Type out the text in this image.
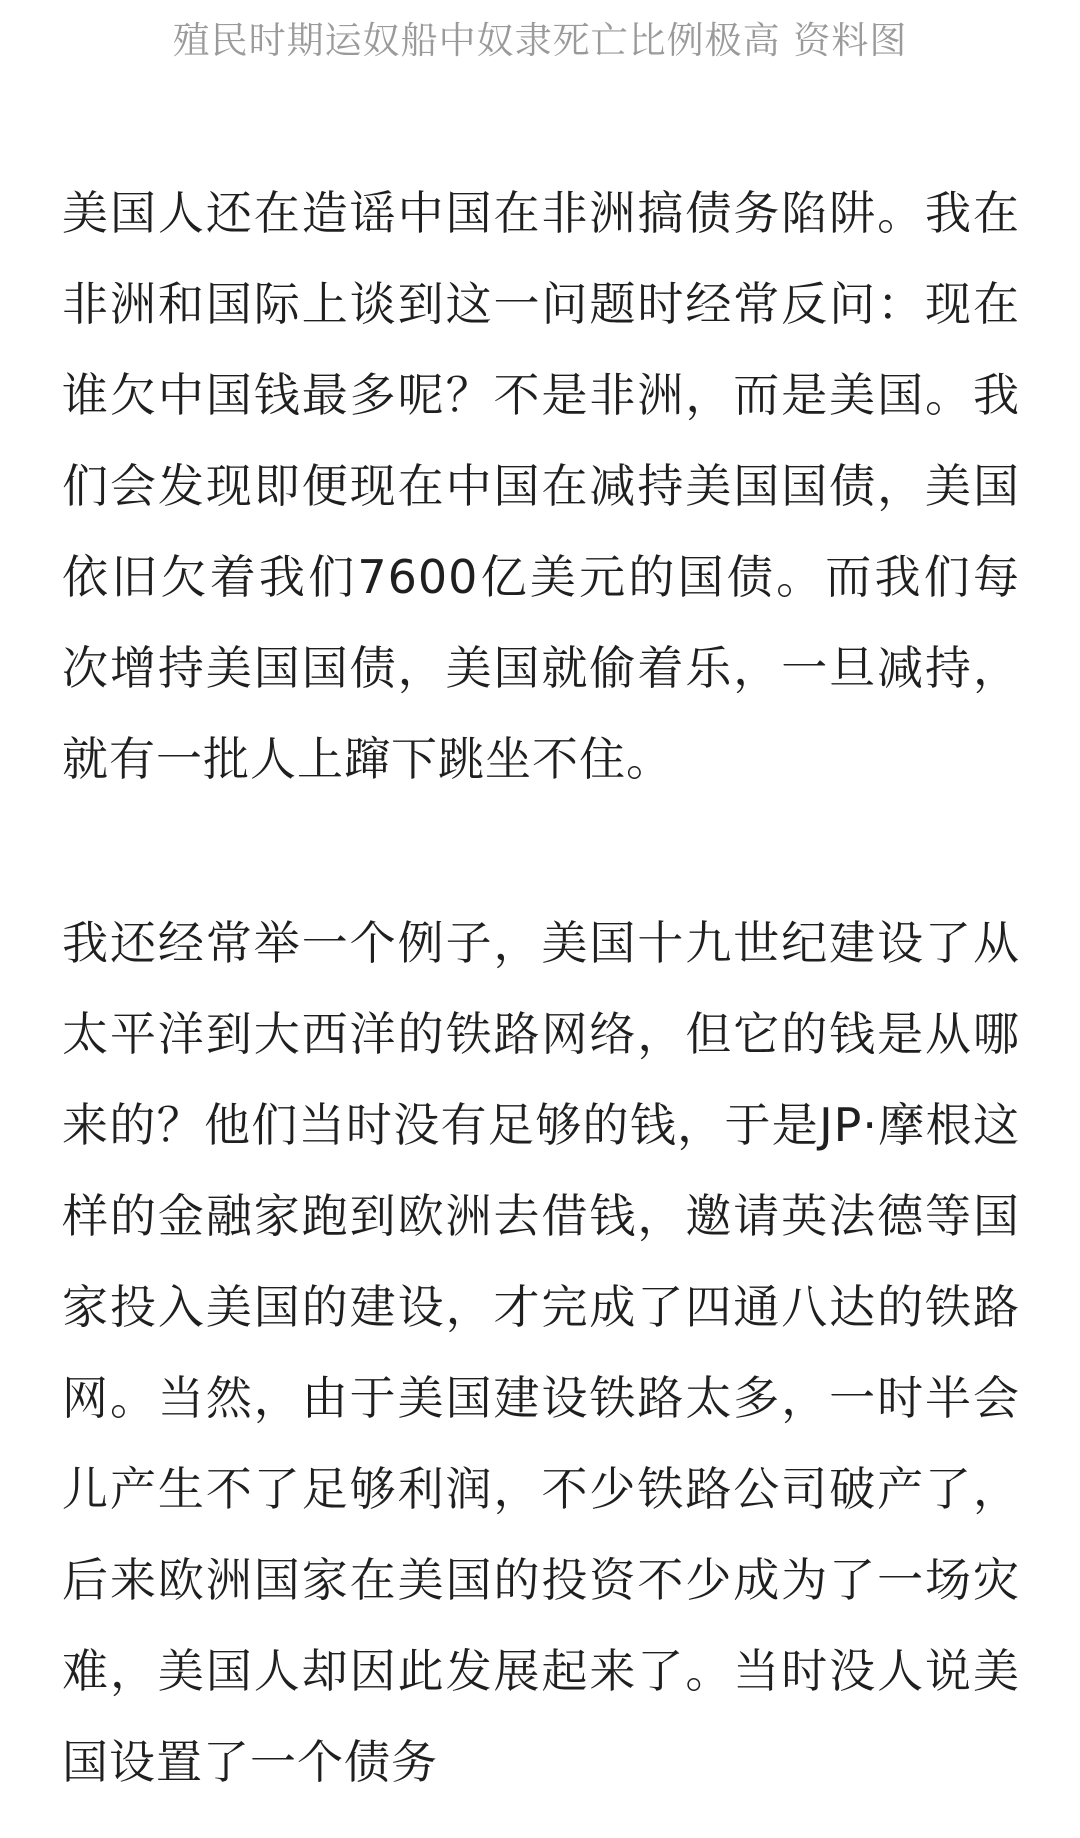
殖民时期运奴船中奴隶死亡比例极高 资料图

美国人还在造谣中国在非洲搞债务陷阱。我在非洲和国际上谈到这一问题时经常反问：现在谁欠中国钱最多呢？不是非洲，而是美国。我们会发现即便现在中国在减持美国国债，美国依旧欠着我们7600亿美元的国债。而我们每次增持美国国债，美国就偷着乐，一旦减持，就有一批人上蹿下跳坐不住。

我还经常举一个例子，美国十九世纪建设了从太平洋到大西洋的铁路网络，但它的钱是从哪来的？他们当时没有足够的钱，于是JP·摩根这样的金融家跑到欧洲去借钱，邀请英法德等国家投入美国的建设，才完成了四通八达的铁路网。当然，由于美国建设铁路太多，一时半会儿产生不了足够利润，不少铁路公司破产了，后来欧洲国家在美国的投资不少成为了一场灾难，美国人却因此发展起来了。当时没人说美国设置了一个债务
